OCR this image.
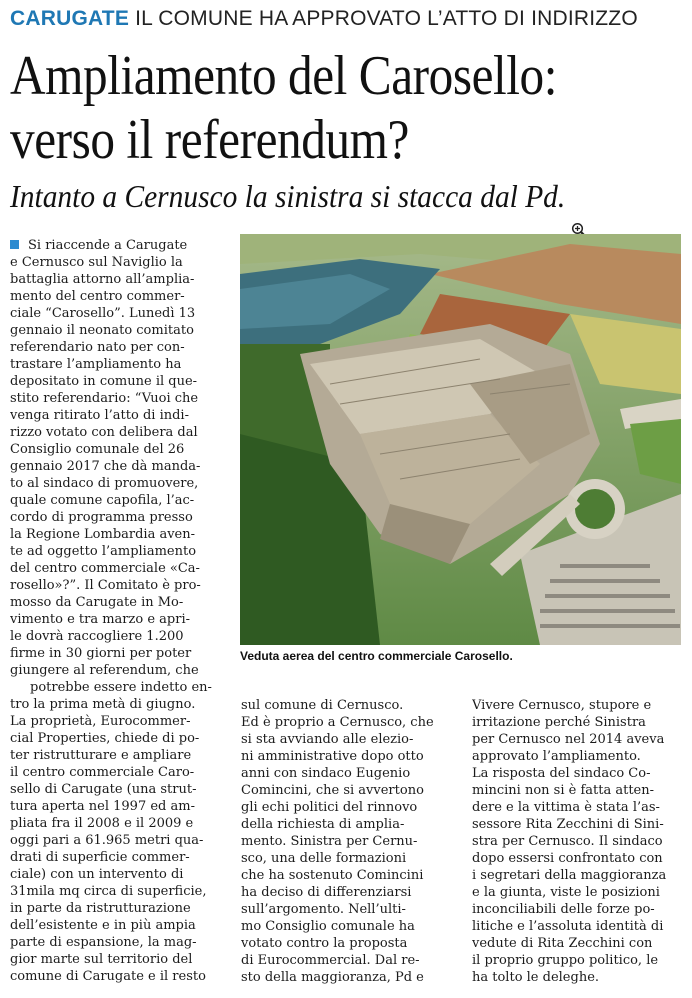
CARUGATE IL COMUNE HA APPROVATO L’ATTO DI INDIRIZZO
Ampliamento del Carosello:
verso il referendum?
Intanto a Cernusco la sinistra si stacca dal Pd.
Veduta aerea del centro commerciale Carosello.
Si riaccende a Carugate
e Cernusco sul Naviglio la
battaglia attorno all’amplia-
mento del centro commer-
ciale “Carosello”. Lunedì 13
gennaio il neonato comitato
referendario nato per con-
trastare l’ampliamento ha
depositato in comune il que-
stito referendario: “Vuoi che
venga ritirato l’atto di indi-
rizzo votato con delibera dal
Consiglio comunale del 26
gennaio 2017 che dà manda-
to al sindaco di promuovere,
quale comune capofila, l’ac-
cordo di programma presso
la Regione Lombardia aven-
te ad oggetto l’ampliamento
del centro commerciale «Ca-
rosello»?”. Il Comitato è pro-
mosso da Carugate in Mo-
vimento e tra marzo e apri-
le dovrà raccogliere 1.200
firme in 30 giorni per poter
giungere al referendum, che
potrebbe essere indetto en-
tro la prima metà di giugno.
La proprietà, Eurocommer-
cial Properties, chiede di po-
ter ristrutturare e ampliare
il centro commerciale Caro-
sello di Carugate (una strut-
tura aperta nel 1997 ed am-
pliata fra il 2008 e il 2009 e
oggi pari a 61.965 metri qua-
drati di superficie commer-
ciale) con un intervento di
31mila mq circa di superficie,
in parte da ristrutturazione
dell’esistente e in più ampia
parte di espansione, la mag-
gior marte sul territorio del
comune di Carugate e il resto
sul comune di Cernusco.
Ed è proprio a Cernusco, che
si sta avviando alle elezio-
ni amministrative dopo otto
anni con sindaco Eugenio
Comincini, che si avvertono
gli echi politici del rinnovo
della richiesta di amplia-
mento. Sinistra per Cernu-
sco, una delle formazioni
che ha sostenuto Comincini
ha deciso di differenziarsi
sull’argomento. Nell’ulti-
mo Consiglio comunale ha
votato contro la proposta
di Eurocommercial. Dal re-
sto della maggioranza, Pd e
Vivere Cernusco, stupore e
irritazione perché Sinistra
per Cernusco nel 2014 aveva
approvato l’ampliamento.
La risposta del sindaco Co-
mincini non si è fatta atten-
dere e la vittima è stata l’as-
sessore Rita Zecchini di Sini-
stra per Cernusco. Il sindaco
dopo essersi confrontato con
i segretari della maggioranza
e la giunta, viste le posizioni
inconciliabili delle forze po-
litiche e l’assoluta identità di
vedute di Rita Zecchini con
il proprio gruppo politico, le
ha tolto le deleghe.
